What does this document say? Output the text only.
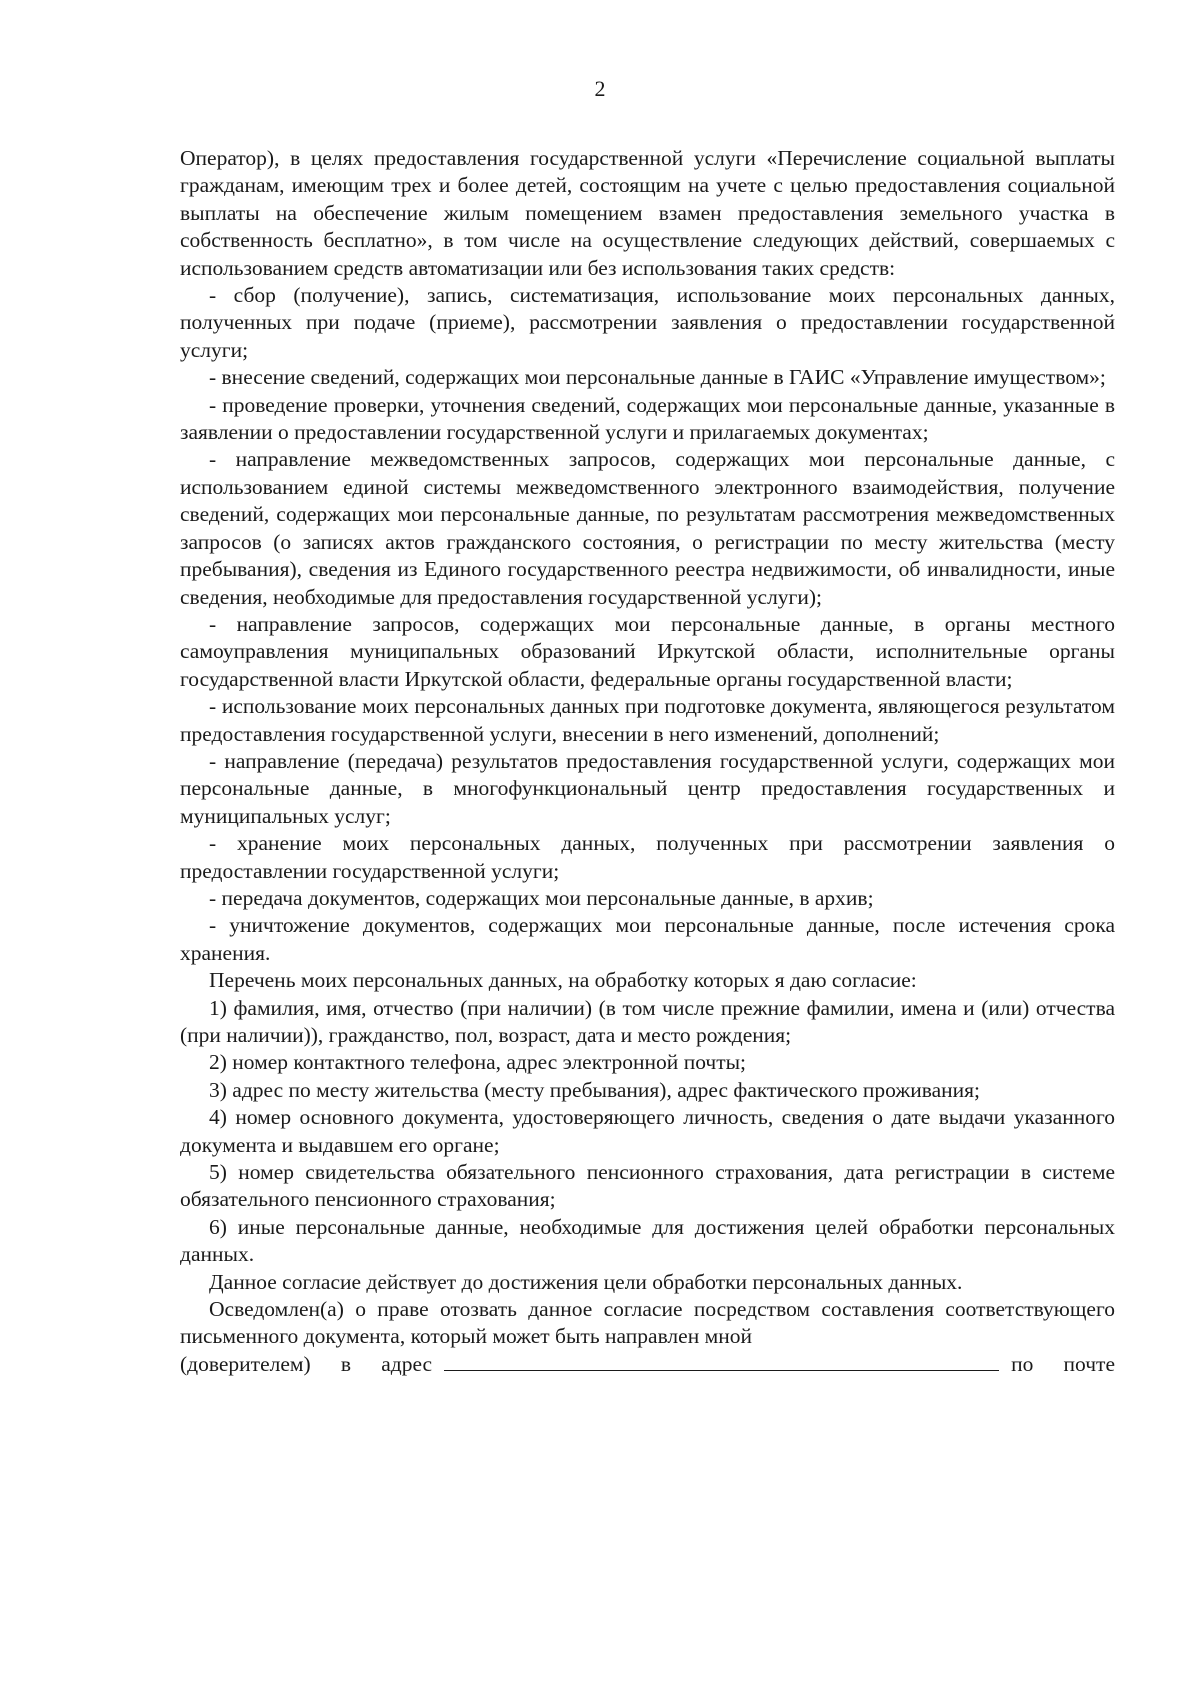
2

Оператор), в целях предоставления государственной услуги «Перечисление социальной выплаты гражданам, имеющим трех и более детей, состоящим на учете с целью предоставления социальной выплаты на обеспечение жилым помещением взамен предоставления земельного участка в собственность бесплатно», в том числе на осуществление следующих действий, совершаемых с использованием средств автоматизации или без использования таких средств:

- сбор (получение), запись, систематизация, использование моих персональных данных, полученных при подаче (приеме), рассмотрении заявления о предоставлении государственной услуги;

- внесение сведений, содержащих мои персональные данные в ГАИС «Управление имуществом»;

- проведение проверки, уточнения сведений, содержащих мои персональные данные, указанные в заявлении о предоставлении государственной услуги и прилагаемых документах;

- направление межведомственных запросов, содержащих мои персональные данные, с использованием единой системы межведомственного электронного взаимодействия, получение сведений, содержащих мои персональные данные, по результатам рассмотрения межведомственных запросов (о записях актов гражданского состояния, о регистрации по месту жительства (месту пребывания), сведения из Единого государственного реестра недвижимости, об инвалидности, иные сведения, необходимые для предоставления государственной услуги);

- направление запросов, содержащих мои персональные данные, в органы местного самоуправления муниципальных образований Иркутской области, исполнительные органы государственной власти Иркутской области, федеральные органы государственной власти;

- использование моих персональных данных при подготовке документа, являющегося результатом предоставления государственной услуги, внесении в него изменений, дополнений;

- направление (передача) результатов предоставления государственной услуги, содержащих мои персональные данные, в многофункциональный центр предоставления государственных и муниципальных услуг;

- хранение моих персональных данных, полученных при рассмотрении заявления о предоставлении государственной услуги;

- передача документов, содержащих мои персональные данные, в архив;

- уничтожение документов, содержащих мои персональные данные, после истечения срока хранения.

Перечень моих персональных данных, на обработку которых я даю согласие:

1) фамилия, имя, отчество (при наличии) (в том числе прежние фамилии, имена и (или) отчества (при наличии)), гражданство, пол, возраст, дата и место рождения;

2) номер контактного телефона, адрес электронной почты;

3) адрес по месту жительства (месту пребывания), адрес фактического проживания;

4) номер основного документа, удостоверяющего личность, сведения о дате выдачи указанного документа и выдавшем его органе;

5) номер свидетельства обязательного пенсионного страхования, дата регистрации в системе обязательного пенсионного страхования;

6) иные персональные данные, необходимые для достижения целей обработки персональных данных.

Данное согласие действует до достижения цели обработки персональных данных.

Осведомлен(а) о праве отозвать данное согласие посредством составления соответствующего письменного документа, который может быть направлен мной

(доверителем) в адрес	по почте
